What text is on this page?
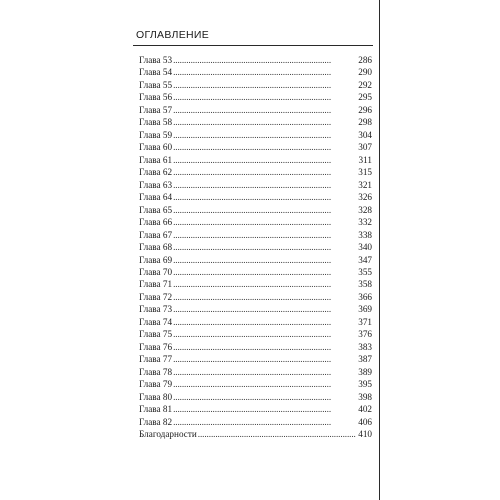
ОГЛАВЛЕНИЕ
Глава 53 . . .	286
Глава 54 . . .	290
Глава 55 . . .	292
Глава 56 . . .	295
Глава 57 . . .	296
Глава 58 . . .	298
Глава 59 . . .	304
Глава 60 . . .	307
Глава 61 . . .	311
Глава 62 . . .	315
Глава 63 . . .	321
Глава 64 . . .	326
Глава 65 . . .	328
Глава 66 . . .	332
Глава 67 . . .	338
Глава 68 . . .	340
Глава 69 . . .	347
Глава 70 . . .	355
Глава 71 . . .	358
Глава 72 . . .	366
Глава 73 . . .	369
Глава 74 . . .	371
Глава 75 . . .	376
Глава 76 . . .	383
Глава 77 . . .	387
Глава 78 . . .	389
Глава 79 . . .	395
Глава 80 . . .	398
Глава 81 . . .	402
Глава 82 . . .	406
Благодарности . . .	410
